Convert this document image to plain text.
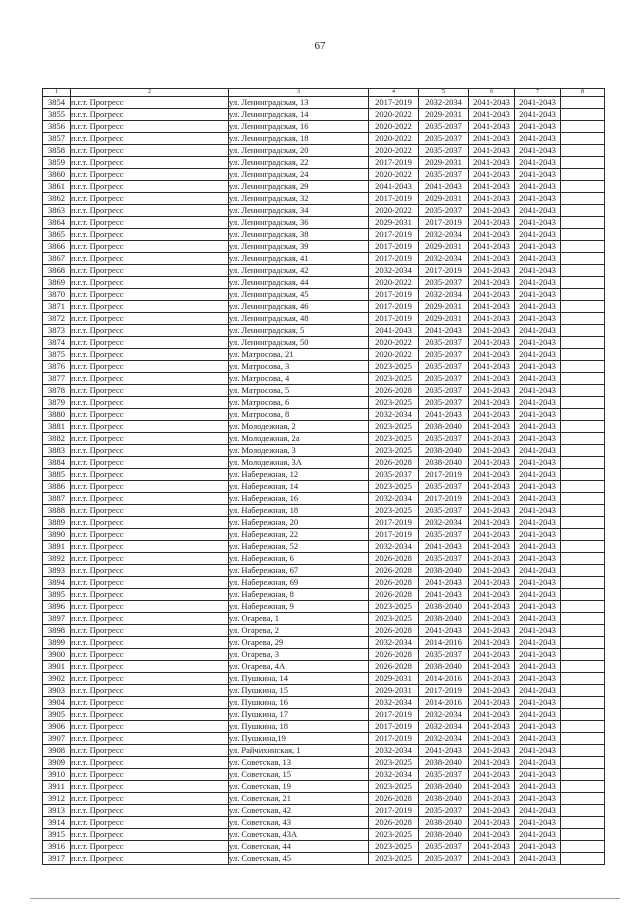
67
1	2	3	4	5	6	7	8
3854	п.г.т. Прогресс	ул. Ленинградская, 13	2017-2019	2032-2034	2041-2043	2041-2043	
3855	п.г.т. Прогресс	ул. Ленинградская, 14	2020-2022	2029-2031	2041-2043	2041-2043	
3856	п.г.т. Прогресс	ул. Ленинградская, 16	2020-2022	2035-2037	2041-2043	2041-2043	
3857	п.г.т. Прогресс	ул. Ленинградская, 18	2020-2022	2035-2037	2041-2043	2041-2043	
3858	п.г.т. Прогресс	ул. Ленинградская, 20	2020-2022	2035-2037	2041-2043	2041-2043	
3859	п.г.т. Прогресс	ул. Ленинградская, 22	2017-2019	2029-2031	2041-2043	2041-2043	
3860	п.г.т. Прогресс	ул. Ленинградская, 24	2020-2022	2035-2037	2041-2043	2041-2043	
3861	п.г.т. Прогресс	ул. Ленинградская, 29	2041-2043	2041-2043	2041-2043	2041-2043	
3862	п.г.т. Прогресс	ул. Ленинградская, 32	2017-2019	2029-2031	2041-2043	2041-2043	
3863	п.г.т. Прогресс	ул. Ленинградская, 34	2020-2022	2035-2037	2041-2043	2041-2043	
3864	п.г.т. Прогресс	ул. Ленинградская, 36	2029-2031	2017-2019	2041-2043	2041-2043	
3865	п.г.т. Прогресс	ул. Ленинградская, 38	2017-2019	2032-2034	2041-2043	2041-2043	
3866	п.г.т. Прогресс	ул. Ленинградская, 39	2017-2019	2029-2031	2041-2043	2041-2043	
3867	п.г.т. Прогресс	ул. Ленинградская, 41	2017-2019	2032-2034	2041-2043	2041-2043	
3868	п.г.т. Прогресс	ул. Ленинградская, 42	2032-2034	2017-2019	2041-2043	2041-2043	
3869	п.г.т. Прогресс	ул. Ленинградская, 44	2020-2022	2035-2037	2041-2043	2041-2043	
3870	п.г.т. Прогресс	ул. Ленинградская, 45	2017-2019	2032-2034	2041-2043	2041-2043	
3871	п.г.т. Прогресс	ул. Ленинградская, 46	2017-2019	2029-2031	2041-2043	2041-2043	
3872	п.г.т. Прогресс	ул. Ленинградская, 48	2017-2019	2029-2031	2041-2043	2041-2043	
3873	п.г.т. Прогресс	ул. Ленинградская, 5	2041-2043	2041-2043	2041-2043	2041-2043	
3874	п.г.т. Прогресс	ул. Ленинградская, 50	2020-2022	2035-2037	2041-2043	2041-2043	
3875	п.г.т. Прогресс	ул. Матросова, 21	2020-2022	2035-2037	2041-2043	2041-2043	
3876	п.г.т. Прогресс	ул. Матросова, 3	2023-2025	2035-2037	2041-2043	2041-2043	
3877	п.г.т. Прогресс	ул. Матросова, 4	2023-2025	2035-2037	2041-2043	2041-2043	
3878	п.г.т. Прогресс	ул. Матросова, 5	2026-2028	2035-2037	2041-2043	2041-2043	
3879	п.г.т. Прогресс	ул. Матросова, 6	2023-2025	2035-2037	2041-2043	2041-2043	
3880	п.г.т. Прогресс	ул. Матросова, 8	2032-2034	2041-2043	2041-2043	2041-2043	
3881	п.г.т. Прогресс	ул. Молодежная, 2	2023-2025	2038-2040	2041-2043	2041-2043	
3882	п.г.т. Прогресс	ул. Молодежная, 2а	2023-2025	2035-2037	2041-2043	2041-2043	
3883	п.г.т. Прогресс	ул. Молодежная, 3	2023-2025	2038-2040	2041-2043	2041-2043	
3884	п.г.т. Прогресс	ул. Молодежная, 3А	2026-2028	2038-2040	2041-2043	2041-2043	
3885	п.г.т. Прогресс	ул. Набережная, 12	2035-2037	2017-2019	2041-2043	2041-2043	
3886	п.г.т. Прогресс	ул. Набережная, 14	2023-2025	2035-2037	2041-2043	2041-2043	
3887	п.г.т. Прогресс	ул. Набережная, 16	2032-2034	2017-2019	2041-2043	2041-2043	
3888	п.г.т. Прогресс	ул. Набережная, 18	2023-2025	2035-2037	2041-2043	2041-2043	
3889	п.г.т. Прогресс	ул. Набережная, 20	2017-2019	2032-2034	2041-2043	2041-2043	
3890	п.г.т. Прогресс	ул. Набережная, 22	2017-2019	2035-2037	2041-2043	2041-2043	
3891	п.г.т. Прогресс	ул. Набережная, 52	2032-2034	2041-2043	2041-2043	2041-2043	
3892	п.г.т. Прогресс	ул. Набережная, 6	2026-2028	2035-2037	2041-2043	2041-2043	
3893	п.г.т. Прогресс	ул. Набережная, 67	2026-2028	2038-2040	2041-2043	2041-2043	
3894	п.г.т. Прогресс	ул. Набережная, 69	2026-2028	2041-2043	2041-2043	2041-2043	
3895	п.г.т. Прогресс	ул. Набережная, 8	2026-2028	2041-2043	2041-2043	2041-2043	
3896	п.г.т. Прогресс	ул. Набережная, 9	2023-2025	2038-2040	2041-2043	2041-2043	
3897	п.г.т. Прогресс	ул. Огарева, 1	2023-2025	2038-2040	2041-2043	2041-2043	
3898	п.г.т. Прогресс	ул. Огарева, 2	2026-2028	2041-2043	2041-2043	2041-2043	
3899	п.г.т. Прогресс	ул. Огарева, 29	2032-2034	2014-2016	2041-2043	2041-2043	
3900	п.г.т. Прогресс	ул. Огарева, 3	2026-2028	2035-2037	2041-2043	2041-2043	
3901	п.г.т. Прогресс	ул. Огарева, 4А	2026-2028	2038-2040	2041-2043	2041-2043	
3902	п.г.т. Прогресс	ул. Пушкина, 14	2029-2031	2014-2016	2041-2043	2041-2043	
3903	п.г.т. Прогресс	ул. Пушкина, 15	2029-2031	2017-2019	2041-2043	2041-2043	
3904	п.г.т. Прогресс	ул. Пушкина, 16	2032-2034	2014-2016	2041-2043	2041-2043	
3905	п.г.т. Прогресс	ул. Пушкина, 17	2017-2019	2032-2034	2041-2043	2041-2043	
3906	п.г.т. Прогресс	ул. Пушкина, 18	2017-2019	2032-2034	2041-2043	2041-2043	
3907	п.г.т. Прогресс	ул. Пушкина,19	2017-2019	2032-2034	2041-2043	2041-2043	
3908	п.г.т. Прогресс	ул. Райчихинская, 1	2032-2034	2041-2043	2041-2043	2041-2043	
3909	п.г.т. Прогресс	ул. Советская, 13	2023-2025	2038-2040	2041-2043	2041-2043	
3910	п.г.т. Прогресс	ул. Советская, 15	2032-2034	2035-2037	2041-2043	2041-2043	
3911	п.г.т. Прогресс	ул. Советская, 19	2023-2025	2038-2040	2041-2043	2041-2043	
3912	п.г.т. Прогресс	ул. Советская, 21	2026-2028	2038-2040	2041-2043	2041-2043	
3913	п.г.т. Прогресс	ул. Советская, 42	2017-2019	2035-2037	2041-2043	2041-2043	
3914	п.г.т. Прогресс	ул. Советская, 43	2026-2028	2038-2040	2041-2043	2041-2043	
3915	п.г.т. Прогресс	ул. Советская, 43А	2023-2025	2038-2040	2041-2043	2041-2043	
3916	п.г.т. Прогресс	ул. Советская, 44	2023-2025	2035-2037	2041-2043	2041-2043	
3917	п.г.т. Прогресс	ул. Советская, 45	2023-2025	2035-2037	2041-2043	2041-2043	
